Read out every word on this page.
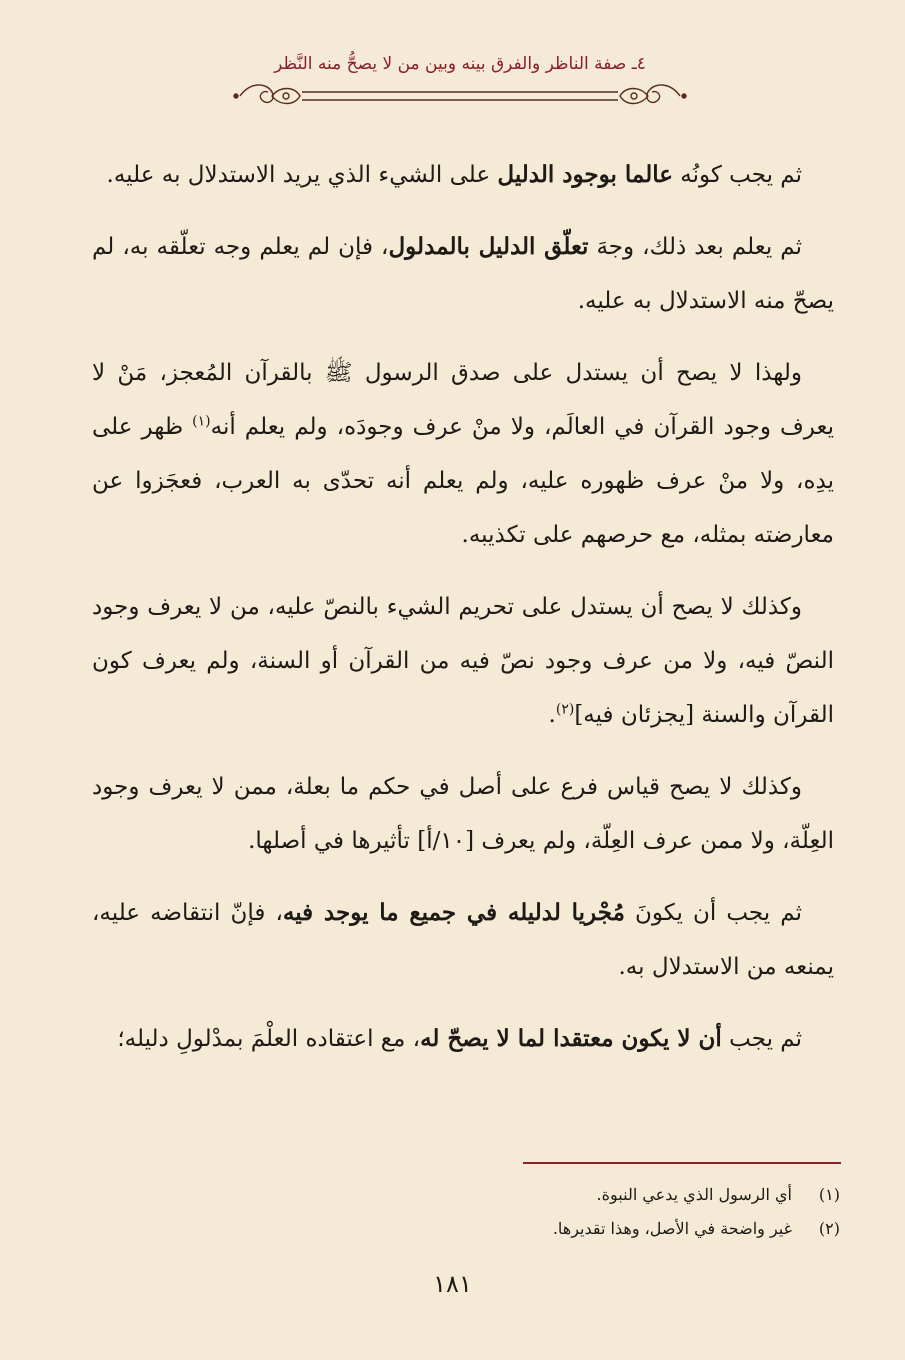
٤ـ صفة الناظر والفرق بينه وبين من لا يصحُّ منه النَّظر

ثم يجب كونُه عالما بوجود الدليل على الشيء الذي يريد الاستدلال به عليه.

ثم يعلم بعد ذلك، وجهَ تعلّق الدليل بالمدلول، فإن لم يعلم وجه تعلّقه به، لم يصحّ منه الاستدلال به عليه.

ولهذا لا يصح أن يستدل على صدق الرسول ﷺ بالقرآن المُعجز، مَنْ لا يعرف وجود القرآن في العالَم، ولا منْ عرف وجودَه، ولم يعلم أنه$^{(١)}$ ظهر على يدِه، ولا منْ عرف ظهوره عليه، ولم يعلم أنه تحدّى به العرب، فعجَزوا عن معارضته بمثله، مع حرصهم على تكذيبه.

وكذلك لا يصح أن يستدل على تحريم الشيء بالنصّ عليه، من لا يعرف وجود النصّ فيه، ولا من عرف وجود نصّ فيه من القرآن أو السنة، ولم يعرف كون القرآن والسنة [يجزئان فيه]$^{(٢)}$.

وكذلك لا يصح قياس فرع على أصل في حكم ما بعلة، ممن لا يعرف وجود العِلّة، ولا ممن عرف العِلّة، ولم يعرف [١٠/أ] تأثيرها في أصلها.

ثم يجب أن يكونَ مُجْريا لدليله في جميع ما يوجد فيه، فإنّ انتقاضه عليه، يمنعه من الاستدلال به.

ثم يجب أن لا يكون معتقدا لما لا يصحّ له، مع اعتقاده العلْمَ بمدْلولِ دليله؛

(١)
أي الرسول الذي يدعي النبوة.
(٢)
غير واضحة في الأصل، وهذا تقديرها.
١٨١
